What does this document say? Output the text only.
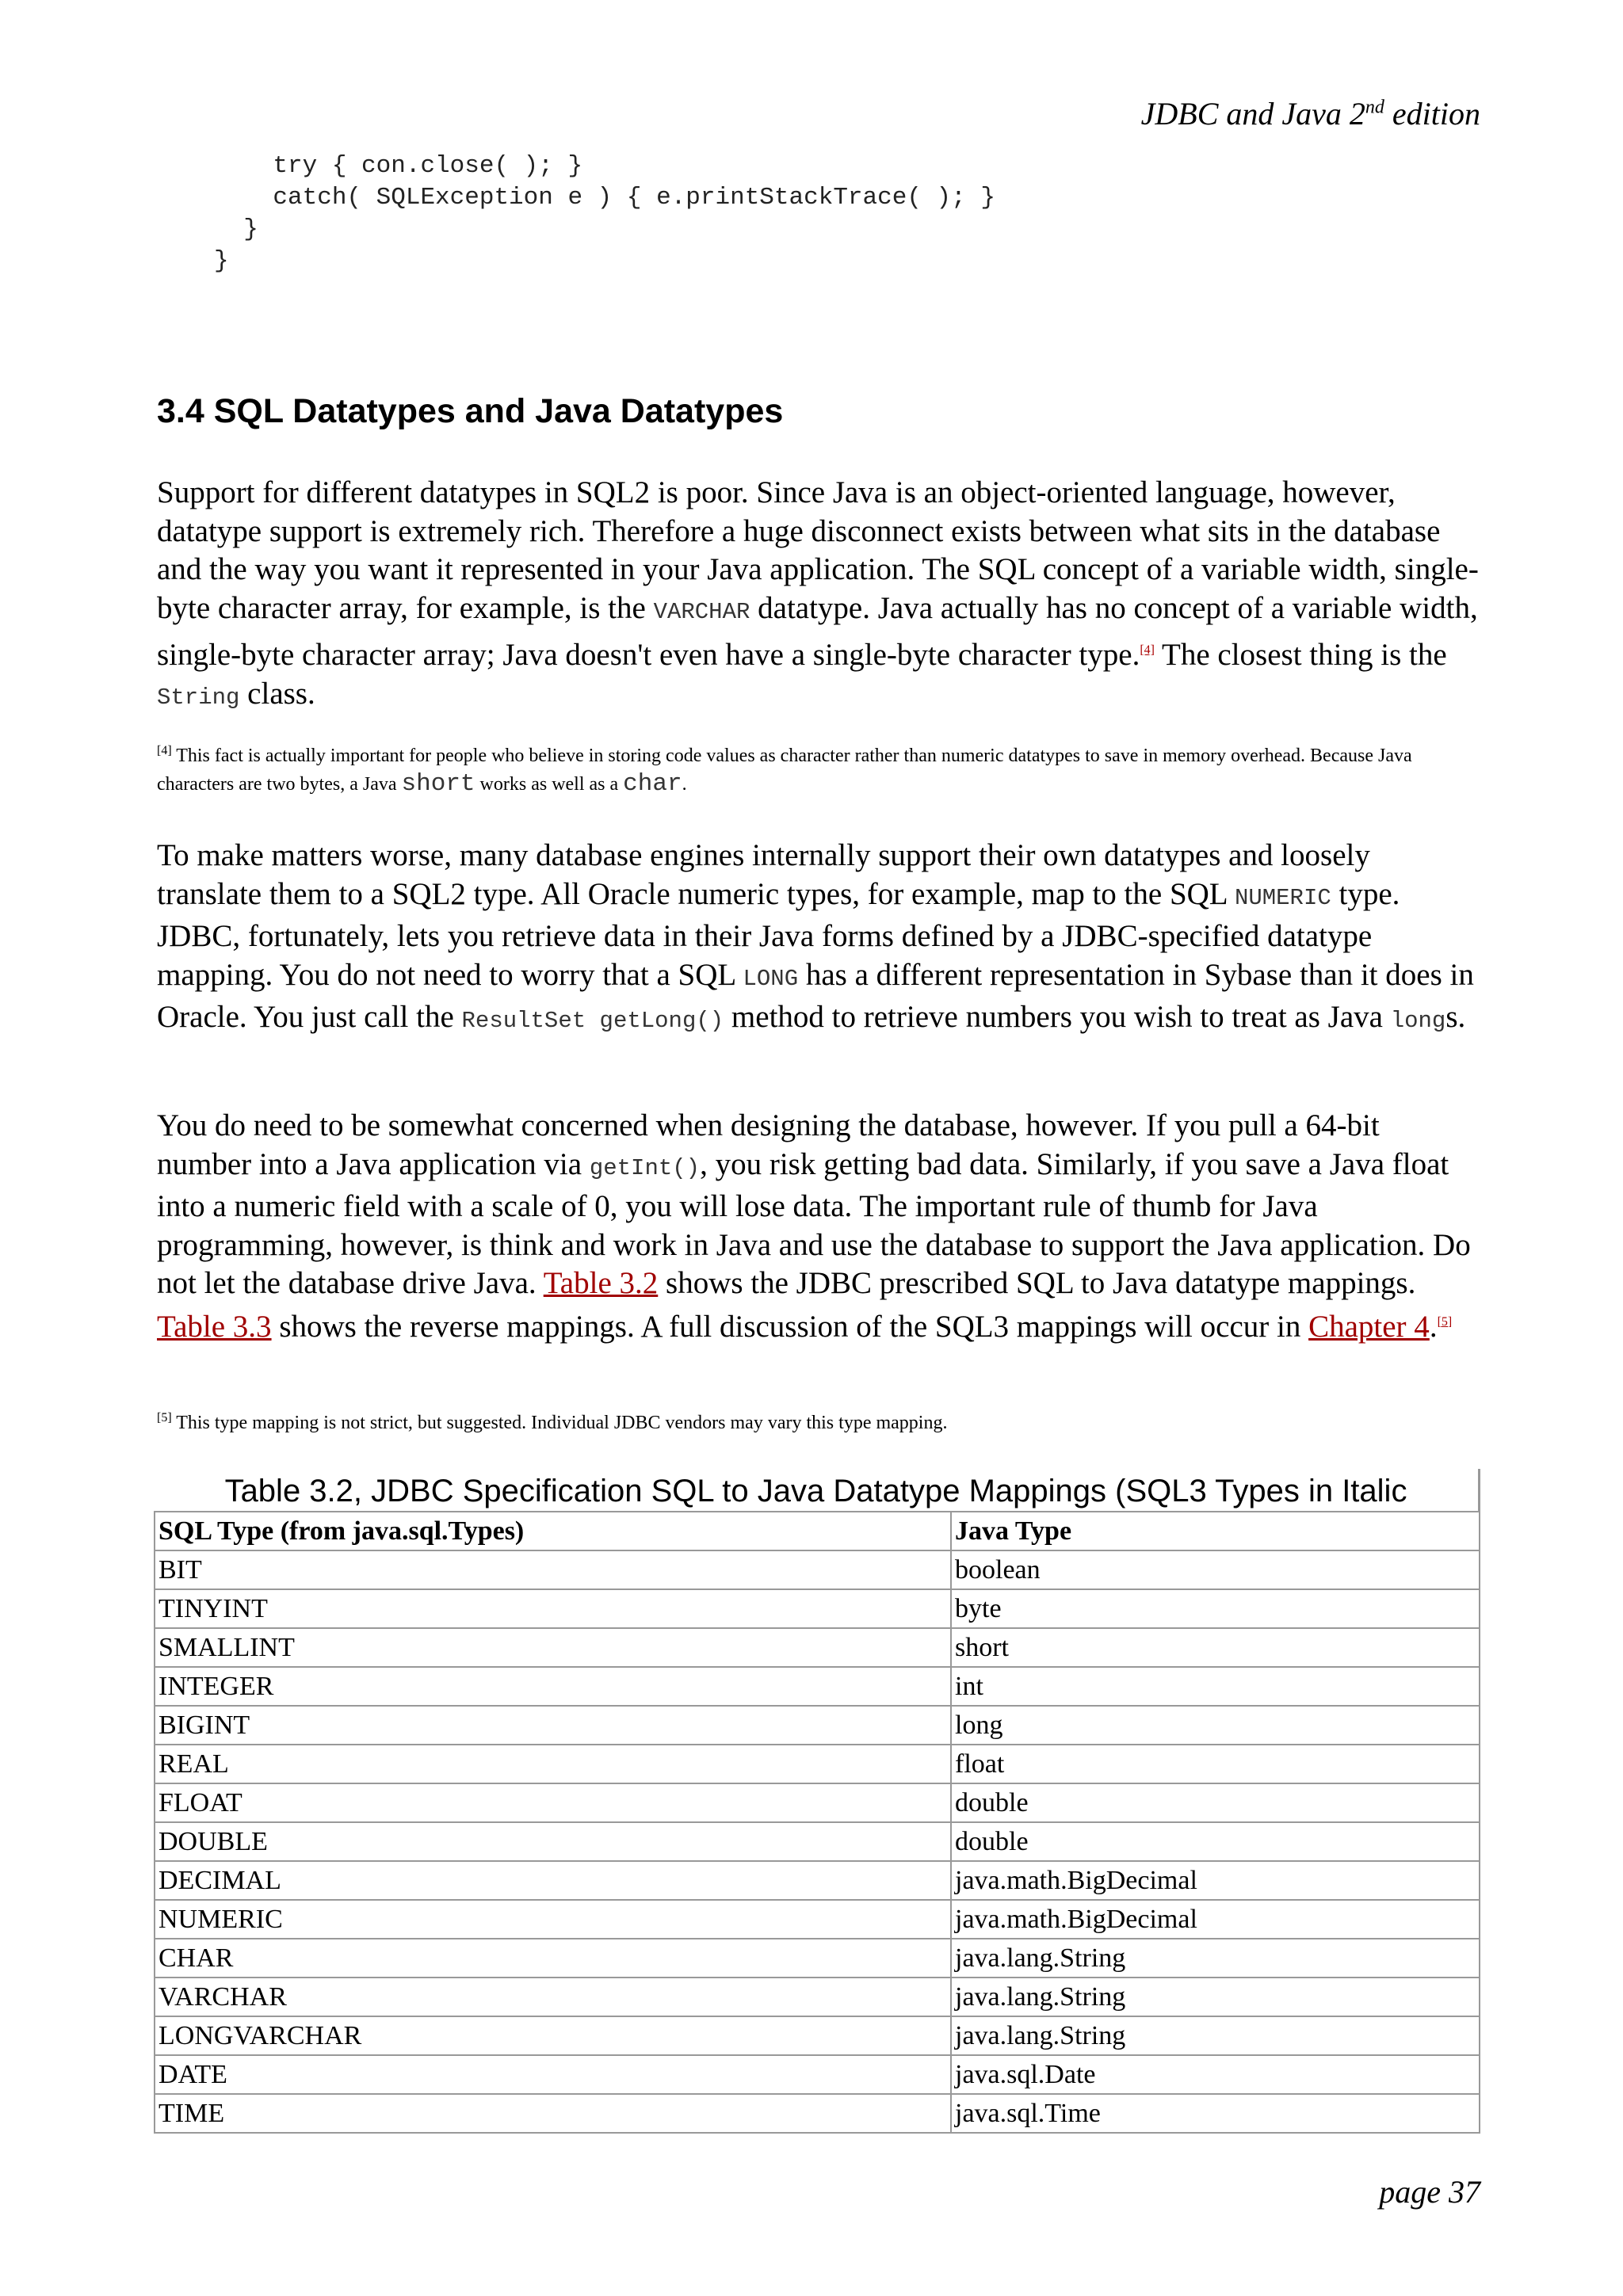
JDBC and Java 2nd edition
try { con.close( ); }
catch( SQLException e ) { e.printStackTrace( ); }
}
}
3.4 SQL Datatypes and Java Datatypes
Support for different datatypes in SQL2 is poor. Since Java is an object-oriented language, however, datatype support is extremely rich. Therefore a huge disconnect exists between what sits in the database and the way you want it represented in your Java application. The SQL concept of a variable width, single-byte character array, for example, is the VARCHAR datatype. Java actually has no concept of a variable width, single-byte character array; Java doesn't even have a single-byte character type.[4] The closest thing is the String class.
[4] This fact is actually important for people who believe in storing code values as character rather than numeric datatypes to save in memory overhead. Because Java characters are two bytes, a Java short works as well as a char.
To make matters worse, many database engines internally support their own datatypes and loosely translate them to a SQL2 type. All Oracle numeric types, for example, map to the SQL NUMERIC type. JDBC, fortunately, lets you retrieve data in their Java forms defined by a JDBC-specified datatype mapping. You do not need to worry that a SQL LONG has a different representation in Sybase than it does in Oracle. You just call the ResultSet getLong() method to retrieve numbers you wish to treat as Java longs.
You do need to be somewhat concerned when designing the database, however. If you pull a 64-bit number into a Java application via getInt(), you risk getting bad data. Similarly, if you save a Java float into a numeric field with a scale of 0, you will lose data. The important rule of thumb for Java programming, however, is think and work in Java and use the database to support the Java application. Do not let the database drive Java. Table 3.2 shows the JDBC prescribed SQL to Java datatype mappings. Table 3.3 shows the reverse mappings. A full discussion of the SQL3 mappings will occur in Chapter 4.[5]
[5] This type mapping is not strict, but suggested. Individual JDBC vendors may vary this type mapping.
Table 3.2, JDBC Specification SQL to Java Datatype Mappings (SQL3 Types in Italic
SQL Type (from java.sql.Types)	Java Type
BIT	boolean
TINYINT	byte
SMALLINT	short
INTEGER	int
BIGINT	long
REAL	float
FLOAT	double
DOUBLE	double
DECIMAL	java.math.BigDecimal
NUMERIC	java.math.BigDecimal
CHAR	java.lang.String
VARCHAR	java.lang.String
LONGVARCHAR	java.lang.String
DATE	java.sql.Date
TIME	java.sql.Time
page 37
